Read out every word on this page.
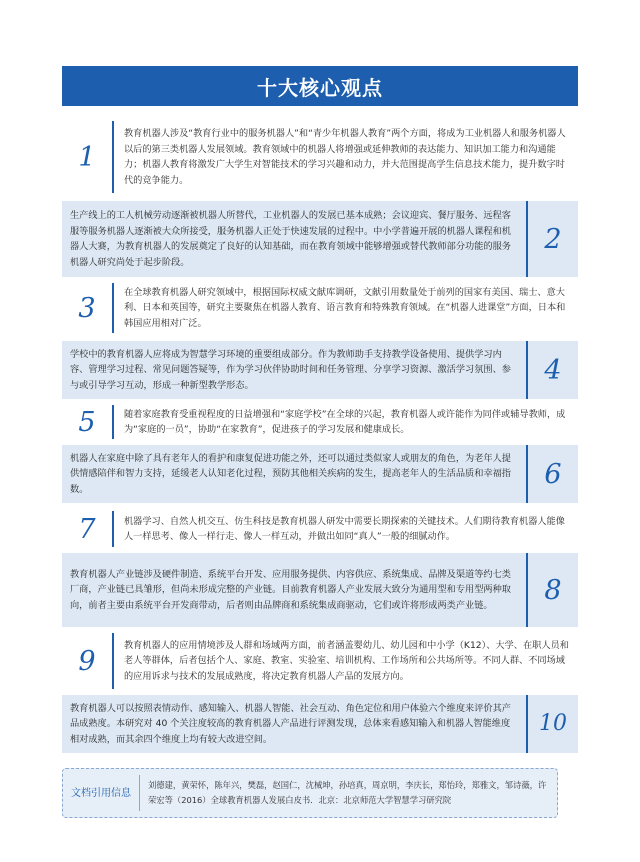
十大核心观点
1
教育机器人涉及“教育行业中的服务机器人”和“青少年机器人教育”两个方面，将成为工业机器人和服务机器人以后的第三类机器人发展领域。教育领域中的机器人将增强或延伸教师的表达能力、知识加工能力和沟通能力；机器人教育将激发广大学生对智能技术的学习兴趣和动力，并大范围提高学生信息技术能力，提升数字时代的竞争能力。
生产线上的工人机械劳动逐渐被机器人所替代，工业机器人的发展已基本成熟；会议迎宾、餐厅服务、远程客服等服务机器人逐渐被大众所接受，服务机器人正处于快速发展的过程中。中小学普遍开展的机器人课程和机器人大赛，为教育机器人的发展奠定了良好的认知基础，而在教育领域中能够增强或替代教师部分功能的服务机器人研究尚处于起步阶段。
2
3
在全球教育机器人研究领域中，根据国际权威文献库调研，文献引用数量处于前列的国家有美国、瑞士、意大利、日本和英国等，研究主要聚焦在机器人教育、语言教育和特殊教育领域。在“机器人进课堂”方面，日本和韩国应用相对广泛。
学校中的教育机器人应将成为智慧学习环境的重要组成部分。作为教师助手支持教学设备使用、提供学习内容、管理学习过程、常见问题答疑等，作为学习伙伴协助时间和任务管理、分享学习资源、激活学习氛围、参与或引导学习互动，形成一种新型教学形态。	4
5	随着家庭教育受重视程度的日益增强和“家庭学校”在全球的兴起，教育机器人或许能作为同伴或辅导教师，成为“家庭的一员”，协助“在家教育”，促进孩子的学习发展和健康成长。
机器人在家庭中除了具有老年人的看护和康复促进功能之外，还可以通过类似家人或朋友的角色，为老年人提供情感陪伴和智力支持，延缓老人认知老化过程，预防其他相关疾病的发生，提高老年人的生活品质和幸福指数。	6
7	机器学习、自然人机交互、仿生科技是教育机器人研发中需要长期探索的关键技术。人们期待教育机器人能像人一样思考、像人一样行走、像人一样互动，并做出如同“真人”一般的细腻动作。
教育机器人产业链涉及硬件制造、系统平台开发、应用服务提供、内容供应、系统集成、品牌及渠道等约七类厂商，产业链已具雏形，但尚未形成完整的产业链。目前教育机器人产业发展大致分为通用型和专用型两种取向，前者主要由系统平台开发商带动，后者则由品牌商和系统集成商驱动，它们或许将形成两类产业链。	8
9
教育机器人的应用情境涉及人群和场域两方面，前者涵盖婴幼儿、幼儿园和中小学（K12）、大学、在职人员和老人等群体，后者包括个人、家庭、教室、实验室、培训机构、工作场所和公共场所等。不同人群、不同场域的应用诉求与技术的发展成熟度，将决定教育机器人产品的发展方向。
教育机器人可以按照表情动作、感知输入、机器人智能、社会互动、角色定位和用户体验六个维度来评价其产品成熟度。本研究对 40 个关注度较高的教育机器人产品进行评测发现，总体来看感知输入和机器人智能维度相对成熟，而其余四个维度上均有较大改进空间。
10
文档引用信息
刘德建，黄荣怀，陈年兴，樊磊，赵国仁，沈械坤，孙培真，周京明，李庆长，郑怡玲，郑雅文，邹诗薇，许荣宏等（2016）全球教育机器人发展白皮书．北京：北京师范大学智慧学习研究院
